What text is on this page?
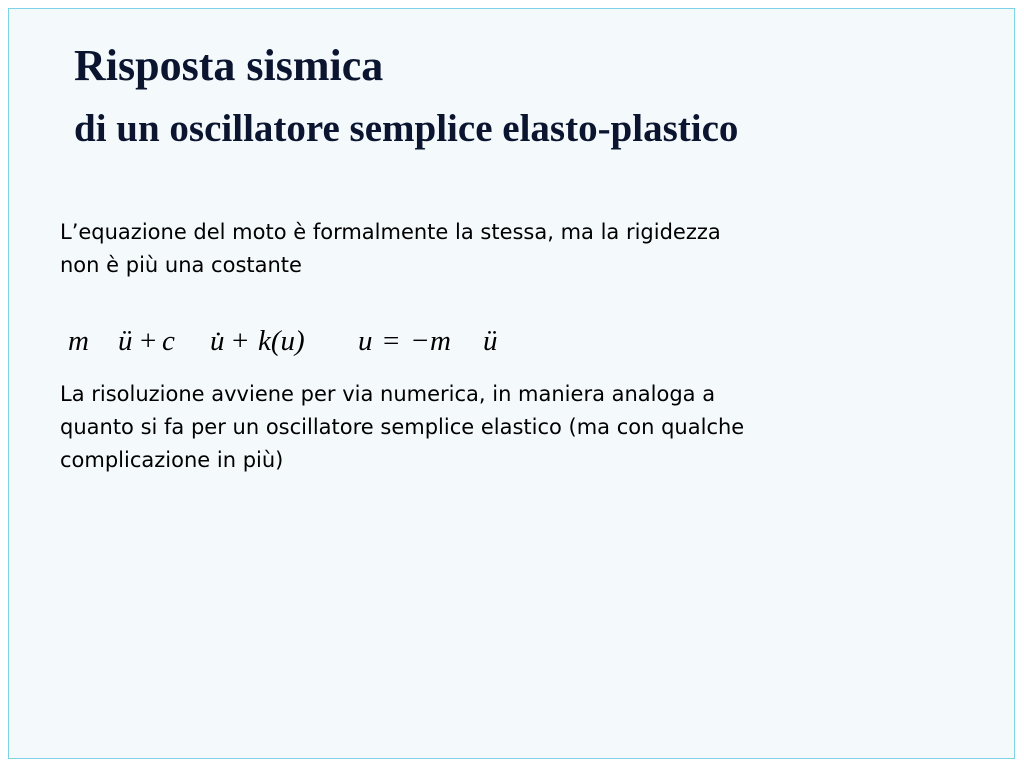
Risposta sismica
di un oscillatore semplice elasto-plastico
L’equazione del moto è formalmente la stessa, ma la rigidezza
non è più una costante
m ü + c u̇ + k(u) u = − m ü
La risoluzione avviene per via numerica, in maniera analoga a
quanto si fa per un oscillatore semplice elastico (ma con qualche
complicazione in più)
